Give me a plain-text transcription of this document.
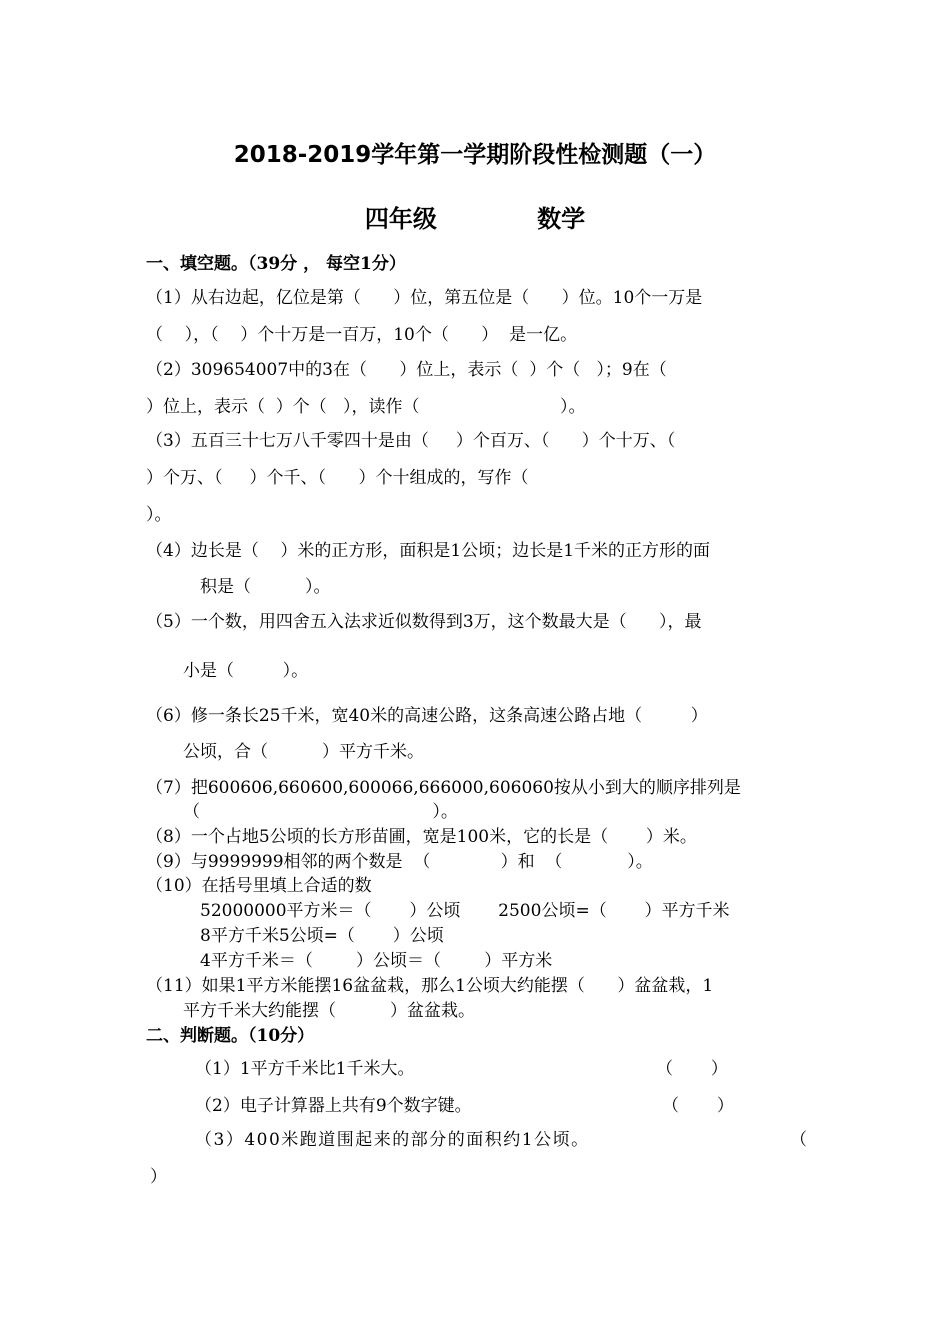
2018-2019学年第一学期阶段性检测题（一）
四年级            数学
一、填空题。（39分 ， 每空1分）
（1）从右边起，亿位是第（      ）位，第五位是（      ）位。10个一万是
（    ），（    ）个十万是一百万，10个（      ）  是一亿。
（2）309654007中的3在（      ）位上，表示（  ）个（   ）；9在（
）位上，表示（  ）个（   ），读作（                          ）。
（3）五百三十七万八千零四十是由（     ）个百万、（      ）个十万、（
）个万、（     ）个千、（      ）个十组成的，写作（
）。
（4）边长是（    ）米的正方形，面积是1公顷；边长是1千米的正方形的面
积是（          ）。
（5）一个数，用四舍五入法求近似数得到3万，这个数最大是（      ），最
小是（         ）。
（6）修一条长25千米，宽40米的高速公路，这条高速公路占地（         ）
公顷，合（          ）平方千米。
（7）把600606,660600,600066,666000,606060按从小到大的顺序排列是
（                                           ）。
（8）一个占地5公顷的长方形苗圃，宽是100米，它的长是（       ）米。
（9）与9999999相邻的两个数是  （             ）和  （            ）。
（10）在括号里填上合适的数
52000000平方米＝（       ）公顷       2500公顷=（       ）平方千米
8平方千米5公顷=（       ）公顷
4平方千米＝（        ）公顷＝（        ）平方米
（11）如果1平方米能摆16盆盆栽，那么1公顷大约能摆（      ）盆盆栽，1
平方千米大约能摆（          ）盆盆栽。
二、判断题。（10分）
（1）1平方千米比1千米大。	（       ）
（2）电子计算器上共有9个数字键。	（       ）
（3）400米跑道围起来的部分的面积约1公顷。	（
）
